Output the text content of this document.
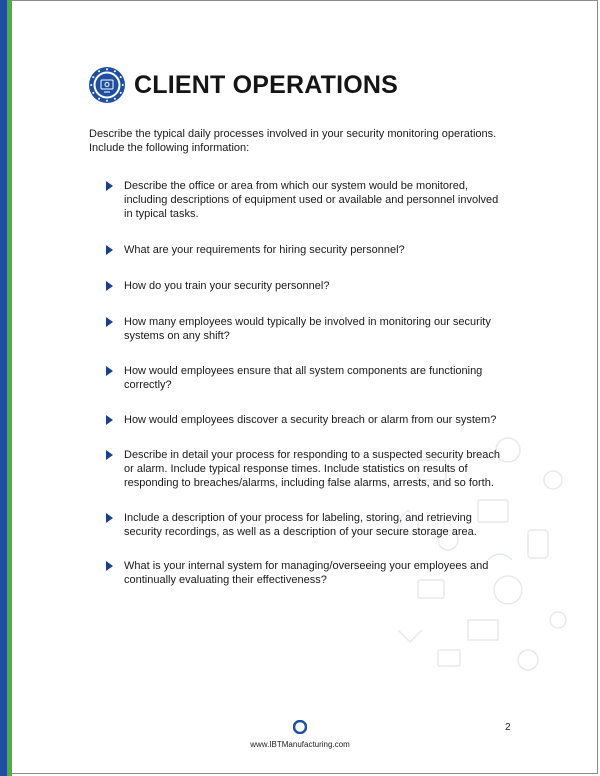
CLIENT OPERATIONS

Describe the typical daily processes involved in your security monitoring operations. Include the following information:

Describe the office or area from which our system would be monitored, including descriptions of equipment used or available and personnel involved in typical tasks.
What are your requirements for hiring security personnel?
How do you train your security personnel?
How many employees would typically be involved in monitoring our security systems on any shift?
How would employees ensure that all system components are functioning correctly?
How would employees discover a security breach or alarm from our system?
Describe in detail your process for responding to a suspected security breach or alarm. Include typical response times. Include statistics on results of responding to breaches/alarms, including false alarms, arrests, and so forth.
Include a description of your process for labeling, storing, and retrieving security recordings, as well as a description of your secure storage area.
What is your internal system for managing/overseeing your employees and continually evaluating their effectiveness?
2
www.IBTManufacturing.com
